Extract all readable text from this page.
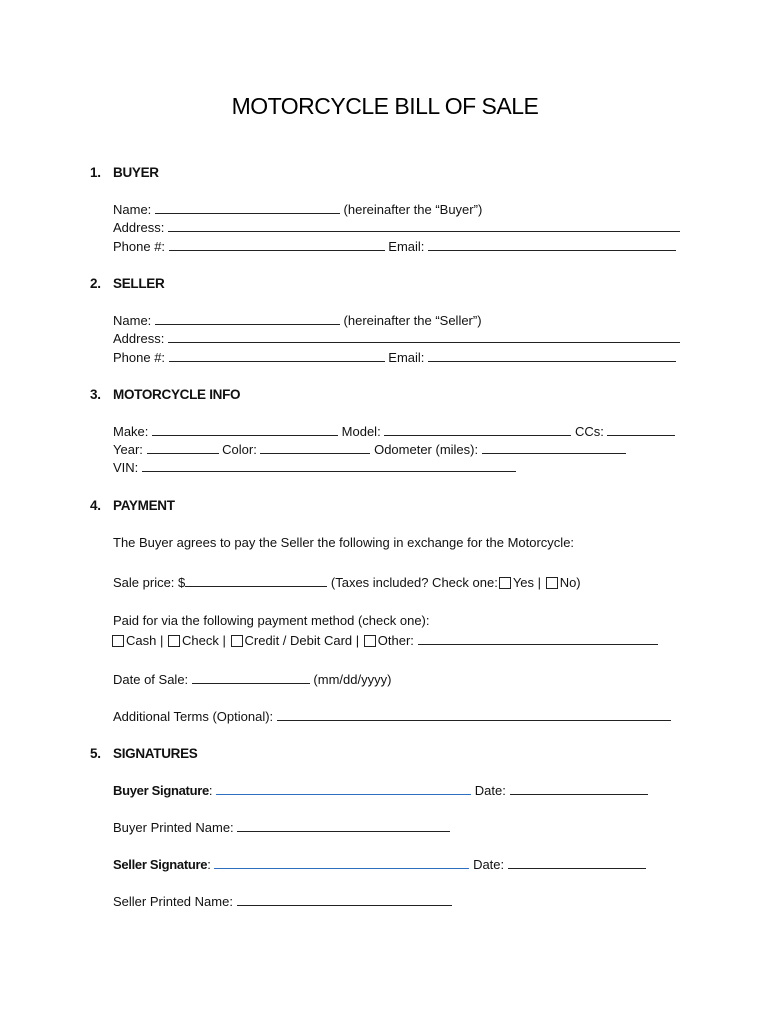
MOTORCYCLE BILL OF SALE
1. BUYER
Name:	(hereinafter the “Buyer”)
Address:
Phone #:	Email:
2. SELLER
Name:	(hereinafter the “Seller”)
Address:
Phone #:	Email:
3. MOTORCYCLE INFO
Make:	Model:	CCs:
Year:	Color:	Odometer (miles):
VIN:
4. PAYMENT
The Buyer agrees to pay the Seller the following in exchange for the Motorcycle:
Sale price: $	(Taxes included? Check one: Yes | No)
Paid for via the following payment method (check one):
Cash | Check | Credit / Debit Card | Other:
Date of Sale:	(mm/dd/yyyy)
Additional Terms (Optional):
5. SIGNATURES
Buyer Signature:	Date:
Buyer Printed Name:
Seller Signature:	Date:
Seller Printed Name:
